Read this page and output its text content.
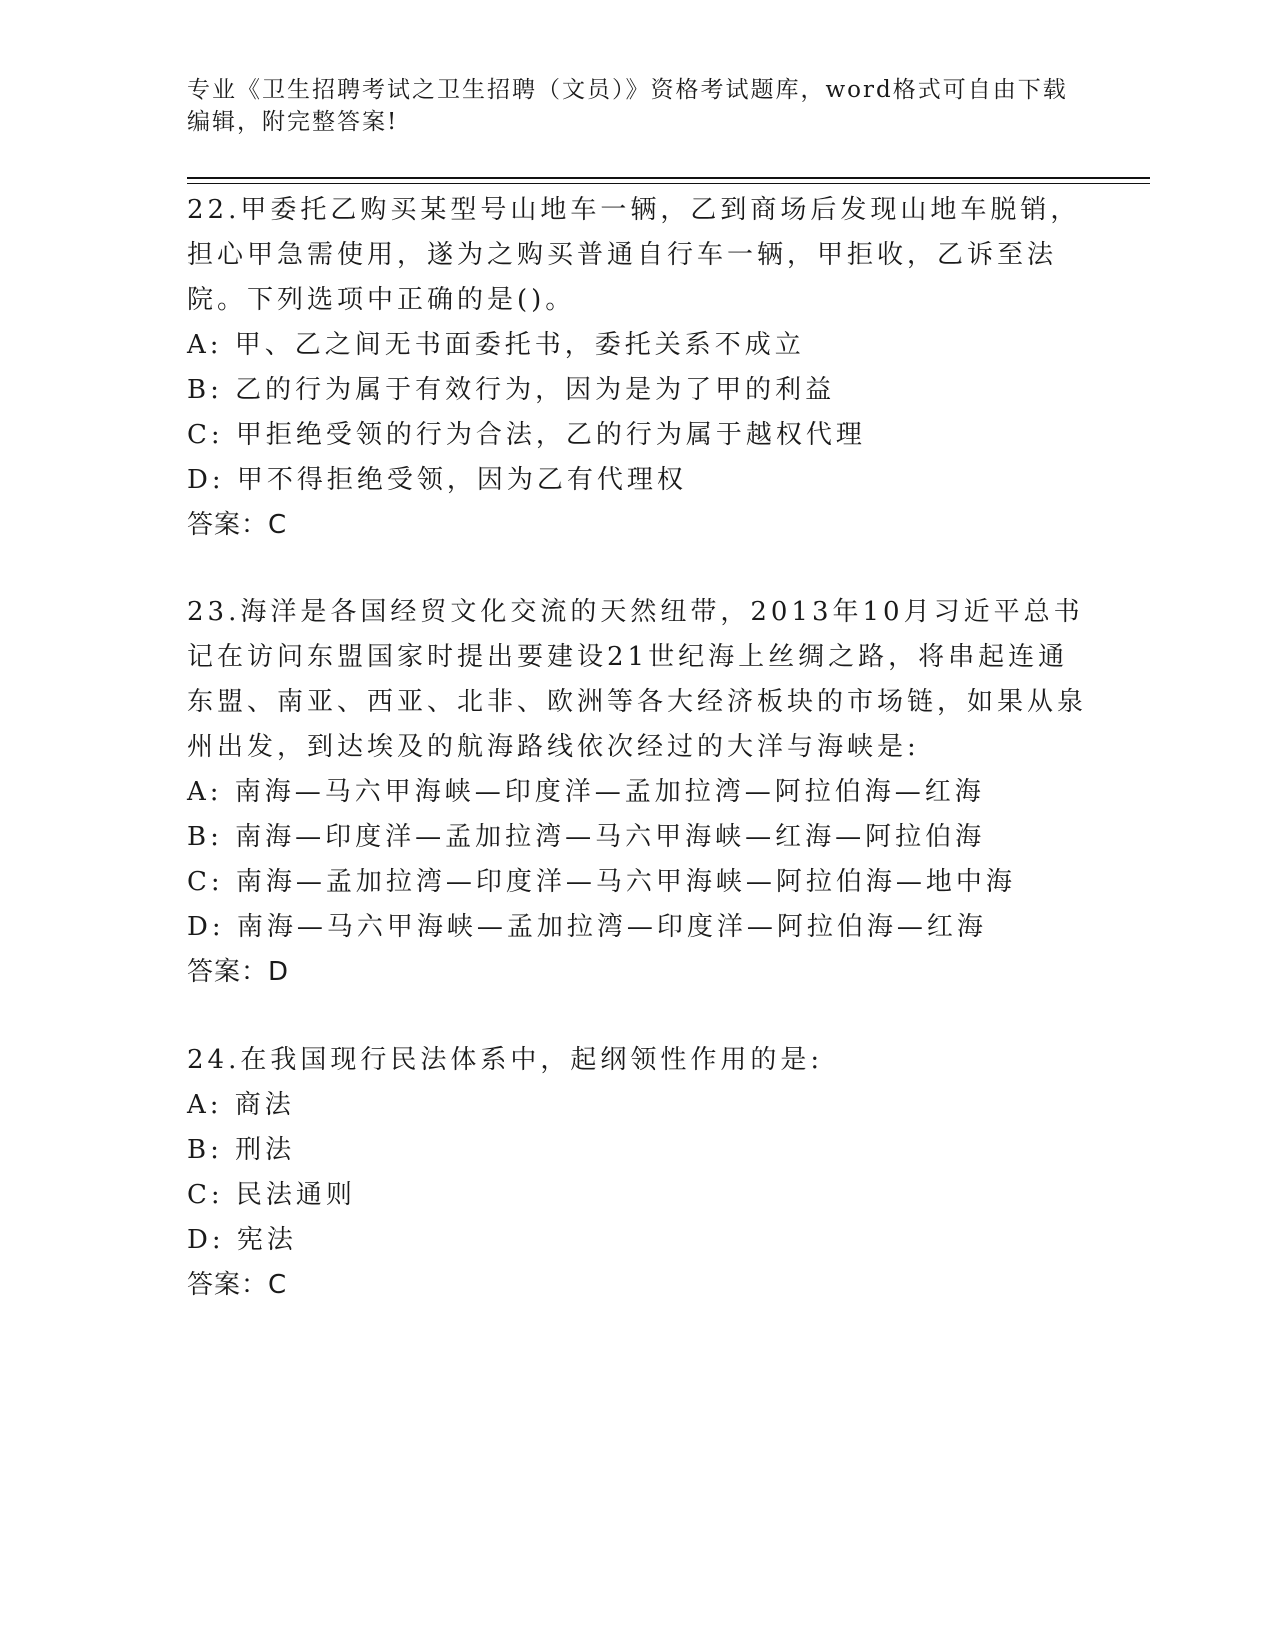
专业《卫生招聘考试之卫生招聘（文员）》资格考试题库，word格式可自由下载编辑，附完整答案!

22.甲委托乙购买某型号山地车一辆，乙到商场后发现山地车脱销，担心甲急需使用，遂为之购买普通自行车一辆，甲拒收，乙诉至法院。下列选项中正确的是()。

A: 甲、乙之间无书面委托书，委托关系不成立

B: 乙的行为属于有效行为，因为是为了甲的利益

C: 甲拒绝受领的行为合法，乙的行为属于越权代理

D: 甲不得拒绝受领，因为乙有代理权

答案：C

23.海洋是各国经贸文化交流的天然纽带，2013年10月习近平总书记在访问东盟国家时提出要建设21世纪海上丝绸之路，将串起连通东盟、南亚、西亚、北非、欧洲等各大经济板块的市场链，如果从泉州出发，到达埃及的航海路线依次经过的大洋与海峡是:

A: 南海—马六甲海峡—印度洋—孟加拉湾—阿拉伯海—红海

B: 南海—印度洋—孟加拉湾—马六甲海峡—红海—阿拉伯海

C: 南海—孟加拉湾—印度洋—马六甲海峡—阿拉伯海—地中海

D: 南海—马六甲海峡—孟加拉湾—印度洋—阿拉伯海—红海

答案：D

24.在我国现行民法体系中，起纲领性作用的是:

A: 商法

B: 刑法

C: 民法通则

D: 宪法

答案：C
